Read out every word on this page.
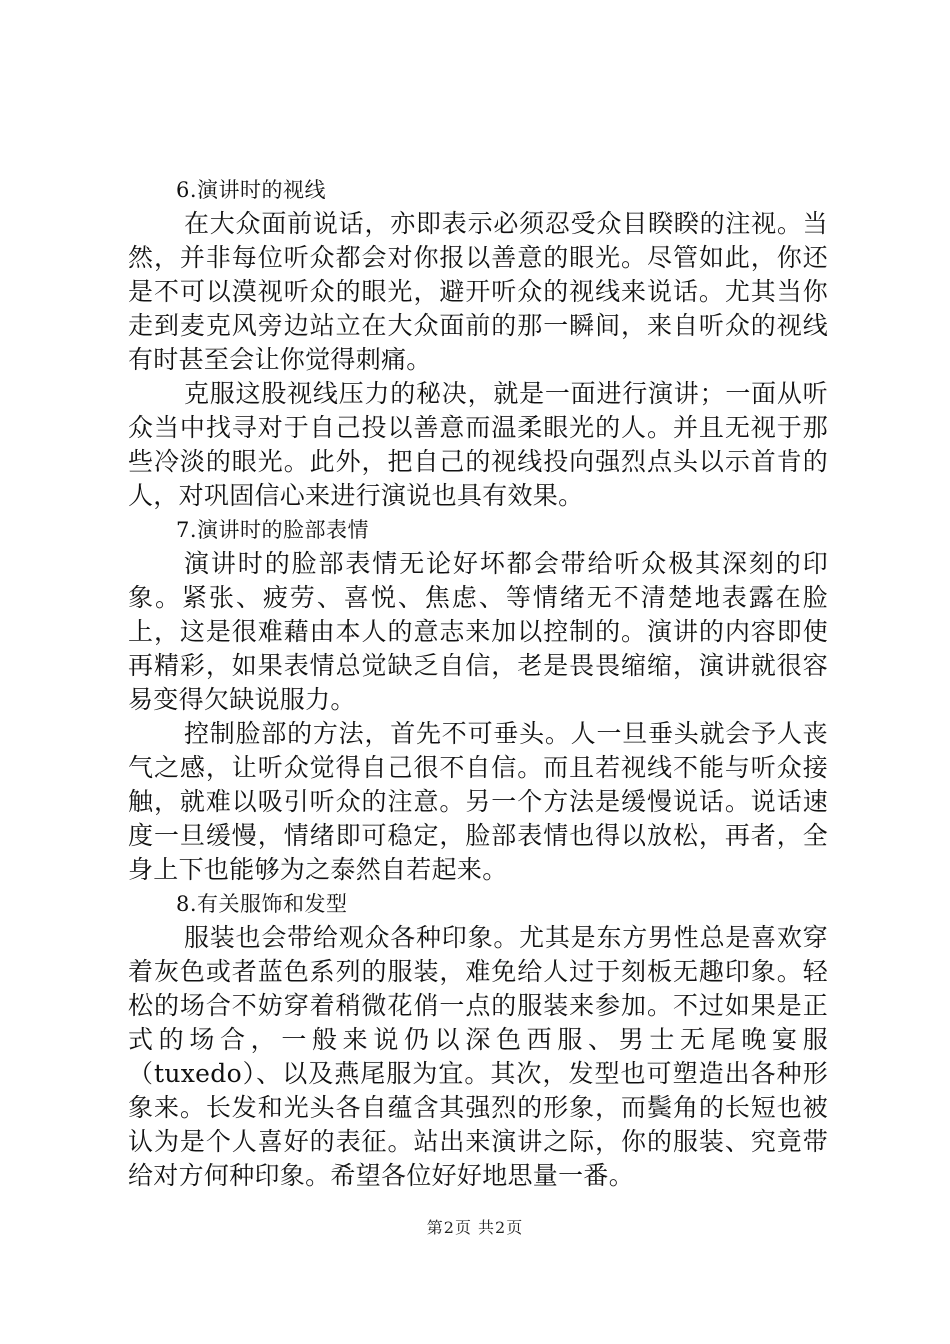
6.演讲时的视线

在大众面前说话，亦即表示必须忍受众目睽睽的注视。当然，并非每位听众都会对你报以善意的眼光。尽管如此，你还是不可以漠视听众的眼光，避开听众的视线来说话。尤其当你走到麦克风旁边站立在大众面前的那一瞬间，来自听众的视线有时甚至会让你觉得刺痛。

克服这股视线压力的秘决，就是一面进行演讲；一面从听众当中找寻对于自己投以善意而温柔眼光的人。并且无视于那些冷淡的眼光。此外，把自己的视线投向强烈点头以示首肯的人，对巩固信心来进行演说也具有效果。

7.演讲时的脸部表情

演讲时的脸部表情无论好坏都会带给听众极其深刻的印象。紧张、疲劳、喜悦、焦虑、等情绪无不清楚地表露在脸上，这是很难藉由本人的意志来加以控制的。演讲的内容即使再精彩，如果表情总觉缺乏自信，老是畏畏缩缩，演讲就很容易变得欠缺说服力。

控制脸部的方法，首先不可垂头。人一旦垂头就会予人丧气之感，让听众觉得自己很不自信。而且若视线不能与听众接触，就难以吸引听众的注意。另一个方法是缓慢说话。说话速度一旦缓慢，情绪即可稳定，脸部表情也得以放松，再者，全身上下也能够为之泰然自若起来。

8.有关服饰和发型

服装也会带给观众各种印象。尤其是东方男性总是喜欢穿着灰色或者蓝色系列的服装，难免给人过于刻板无趣印象。轻松的场合不妨穿着稍微花俏一点的服装来参加。不过如果是正式的场合，一般来说仍以深色西服、男士无尾晚宴服（tuxedo）、以及燕尾服为宜。其次，发型也可塑造出各种形象来。长发和光头各自蕴含其强烈的形象，而鬓角的长短也被认为是个人喜好的表征。站出来演讲之际，你的服装、究竟带给对方何种印象。希望各位好好地思量一番。

第2页 共2页
